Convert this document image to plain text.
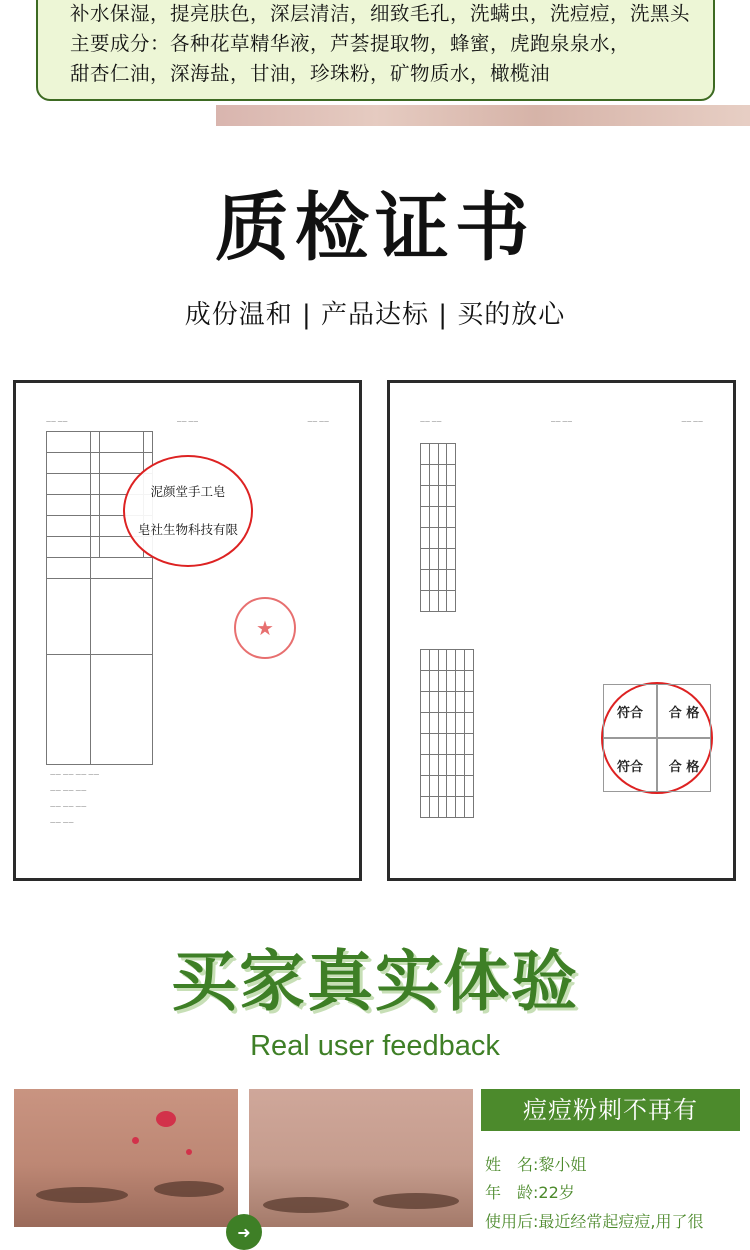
补水保湿，提亮肤色，深层清洁，细致毛孔，洗螨虫，洗痘痘，洗黑头
主要成分：各种花草精华液，芦荟提取物，蜂蜜，虎跑泉泉水，
甜杏仁油，深海盐，甘油，珍珠粉，矿物质水，橄榄油
质检证书
成份温和 | 产品达标 | 买的放心
—— ——	—— ——	—— ——

—— —— —— ——
—— —— ——
—— —— ——
—— ——
泥颜堂手工皂
皂社生物科技有限
★
—— ——	—— ——	—— ——

符合	合 格
符合	合 格
买家真实体验
Real user feedback
➜
痘痘粉刺不再有
姓　名:黎小姐
年　龄:22岁
使用后:最近经常起痘痘,用了很
